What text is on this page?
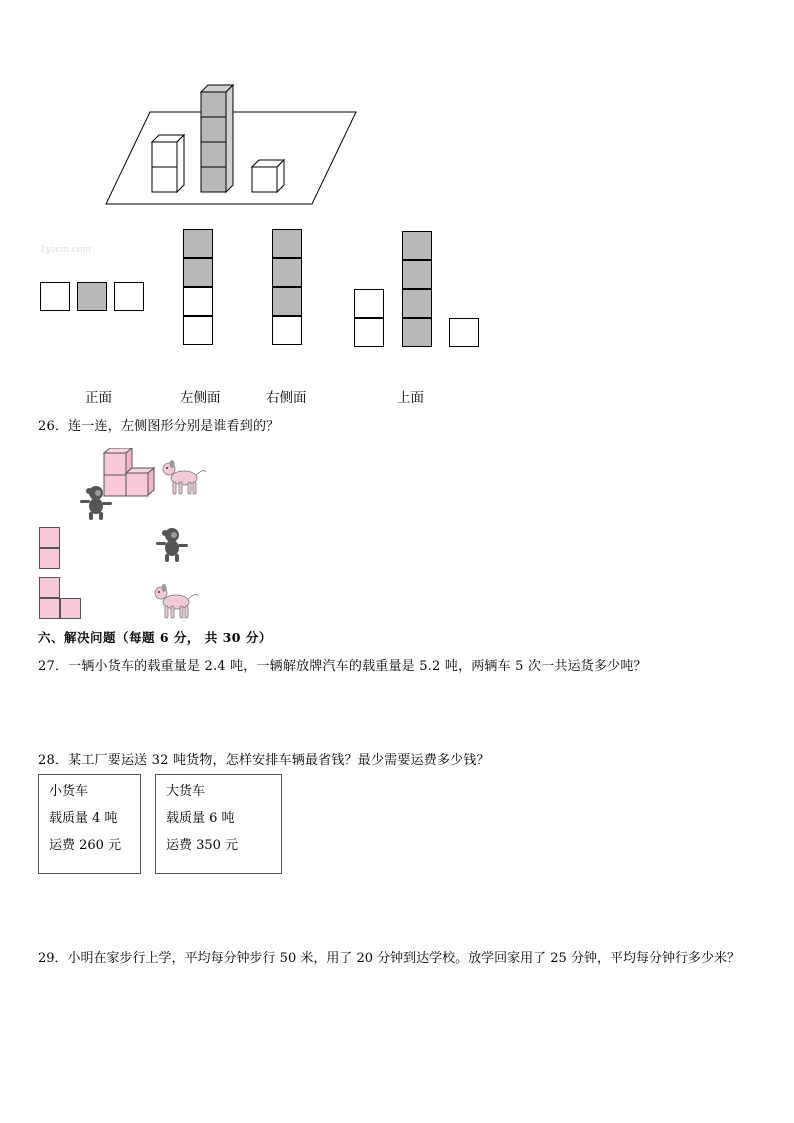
1yzcm.com
正面	左侧面	右侧面	上面
26．连一连，左侧图形分别是谁看到的？
六、解决问题（每题 6 分， 共 30 分）
27．一辆小货车的载重量是 2.4 吨，一辆解放牌汽车的载重量是 5.2 吨，两辆车 5 次一共运货多少吨？
28．某工厂要运送 32 吨货物，怎样安排车辆最省钱？最少需要运费多少钱？
小货车
载质量 4 吨
运费 260 元
大货车
载质量 6 吨
运费 350 元
29．小明在家步行上学，平均每分钟步行 50 米，用了 20 分钟到达学校。放学回家用了 25 分钟，平均每分钟行多少米？
